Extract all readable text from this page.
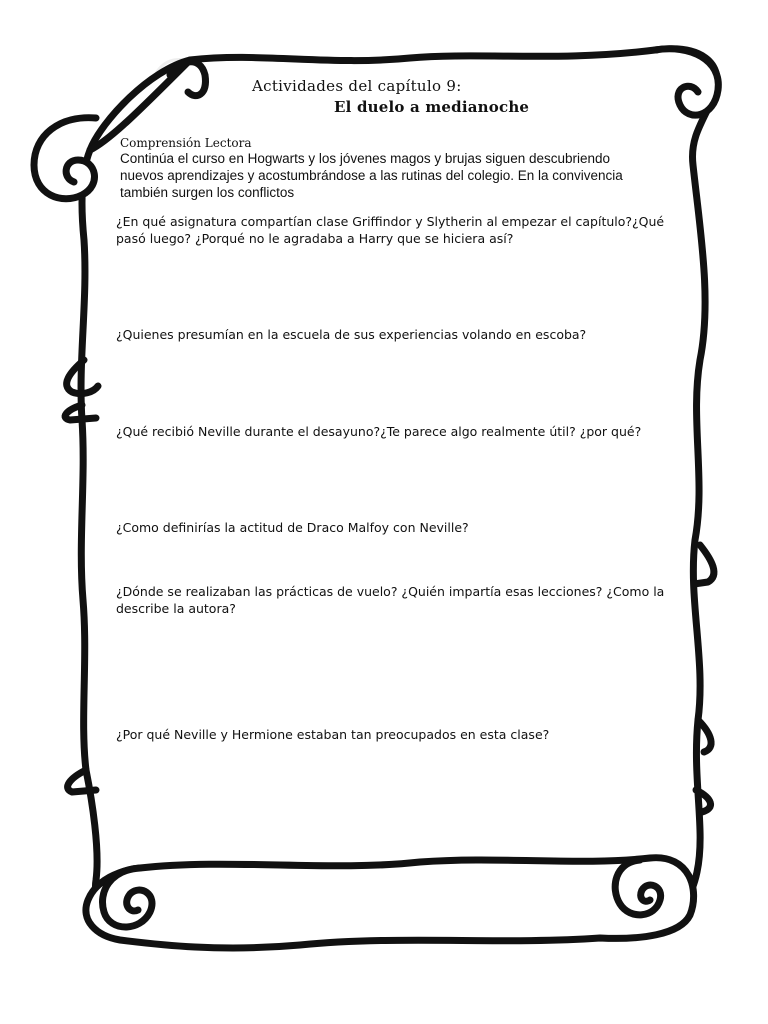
Actividades del capítulo 9:
El duelo a medianoche
Comprensión Lectora
Continúa el curso en Hogwarts y los jóvenes magos y brujas siguen descubriendo nuevos aprendizajes y acostumbrándose a las rutinas del colegio. En la convivencia también surgen los conflictos
¿En qué asignatura compartían clase Griffindor y Slytherin al empezar el capítulo?¿Qué pasó luego? ¿Porqué no le agradaba a Harry que se hiciera así?
¿Quienes presumían en la escuela de sus experiencias volando en escoba?
¿Qué recibió Neville durante el desayuno?¿Te parece algo realmente útil? ¿por qué?
¿Como definirías la actitud de Draco Malfoy con Neville?
¿Dónde se realizaban las prácticas de vuelo? ¿Quién impartía esas lecciones? ¿Como la describe la autora?
¿Por qué Neville y Hermione estaban tan preocupados en esta clase?
